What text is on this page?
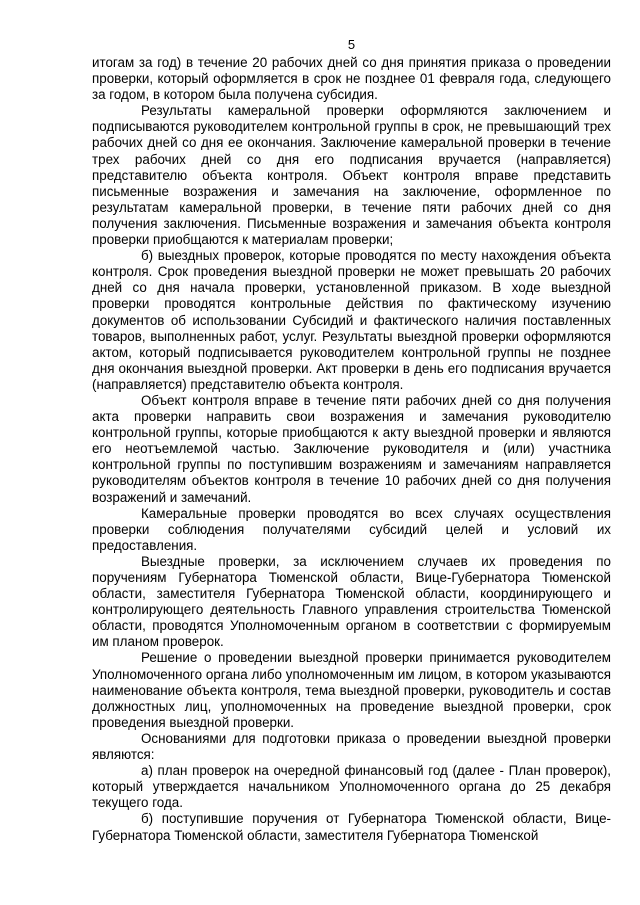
5

итогам за год) в течение 20 рабочих дней со дня принятия приказа о проведении проверки, который оформляется в срок не позднее 01 февраля года, следующего за годом, в котором была получена субсидия.

Результаты камеральной проверки оформляются заключением и подписываются руководителем контрольной группы в срок, не превышающий трех рабочих дней со дня ее окончания. Заключение камеральной проверки в течение трех рабочих дней со дня его подписания вручается (направляется) представителю объекта контроля. Объект контроля вправе представить письменные возражения и замечания на заключение, оформленное по результатам камеральной проверки, в течение пяти рабочих дней со дня получения заключения. Письменные возражения и замечания объекта контроля проверки приобщаются к материалам проверки;

б) выездных проверок, которые проводятся по месту нахождения объекта контроля. Срок проведения выездной проверки не может превышать 20 рабочих дней со дня начала проверки, установленной приказом. В ходе выездной проверки проводятся контрольные действия по фактическому изучению документов об использовании Субсидий и фактического наличия поставленных товаров, выполненных работ, услуг. Результаты выездной проверки оформляются актом, который подписывается руководителем контрольной группы не позднее дня окончания выездной проверки. Акт проверки в день его подписания вручается (направляется) представителю объекта контроля.

Объект контроля вправе в течение пяти рабочих дней со дня получения акта проверки направить свои возражения и замечания руководителю контрольной группы, которые приобщаются к акту выездной проверки и являются его неотъемлемой частью. Заключение руководителя и (или) участника контрольной группы по поступившим возражениям и замечаниям направляется руководителям объектов контроля в течение 10 рабочих дней со дня получения возражений и замечаний.

Камеральные проверки проводятся во всех случаях осуществления проверки соблюдения получателями субсидий целей и условий их предоставления.

Выездные проверки, за исключением случаев их проведения по поручениям Губернатора Тюменской области, Вице-Губернатора Тюменской области, заместителя Губернатора Тюменской области, координирующего и контролирующего деятельность Главного управления строительства Тюменской области, проводятся Уполномоченным органом в соответствии с формируемым им планом проверок.

Решение о проведении выездной проверки принимается руководителем Уполномоченного органа либо уполномоченным им лицом, в котором указываются наименование объекта контроля, тема выездной проверки, руководитель и состав должностных лиц, уполномоченных на проведение выездной проверки, срок проведения выездной проверки.

Основаниями для подготовки приказа о проведении выездной проверки являются:

а) план проверок на очередной финансовый год (далее - План проверок), который утверждается начальником Уполномоченного органа до 25 декабря текущего года.

б) поступившие поручения от Губернатора Тюменской области, Вице-Губернатора Тюменской области, заместителя Губернатора Тюменской
